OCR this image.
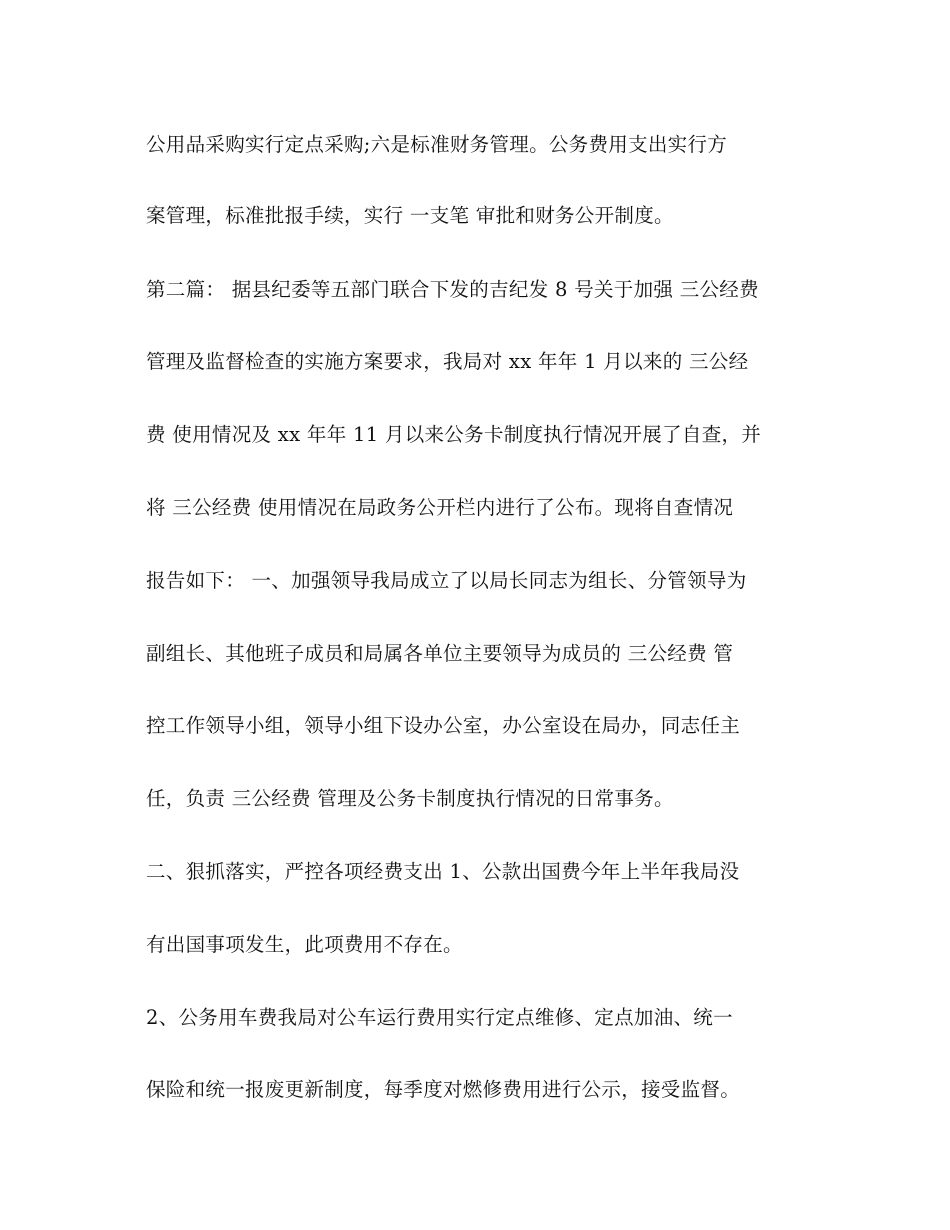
公用品采购实行定点采购;六是标准财务管理。公务费用支出实行方
案管理，标准批报手续，实行 一支笔 审批和财务公开制度。
第二篇： 据县纪委等五部门联合下发的吉纪发 8 号关于加强 三公经费
管理及监督检查的实施方案要求，我局对 xx 年年 1 月以来的 三公经
费 使用情况及 xx 年年 11 月以来公务卡制度执行情况开展了自查，并
将 三公经费 使用情况在局政务公开栏内进行了公布。现将自查情况
报告如下： 一、加强领导我局成立了以局长同志为组长、分管领导为
副组长、其他班子成员和局属各单位主要领导为成员的 三公经费 管
控工作领导小组，领导小组下设办公室，办公室设在局办，同志任主
任，负责 三公经费 管理及公务卡制度执行情况的日常事务。
二、狠抓落实，严控各项经费支出 1、公款出国费今年上半年我局没
有出国事项发生，此项费用不存在。
2、公务用车费我局对公车运行费用实行定点维修、定点加油、统一
保险和统一报废更新制度，每季度对燃修费用进行公示，接受监督。
